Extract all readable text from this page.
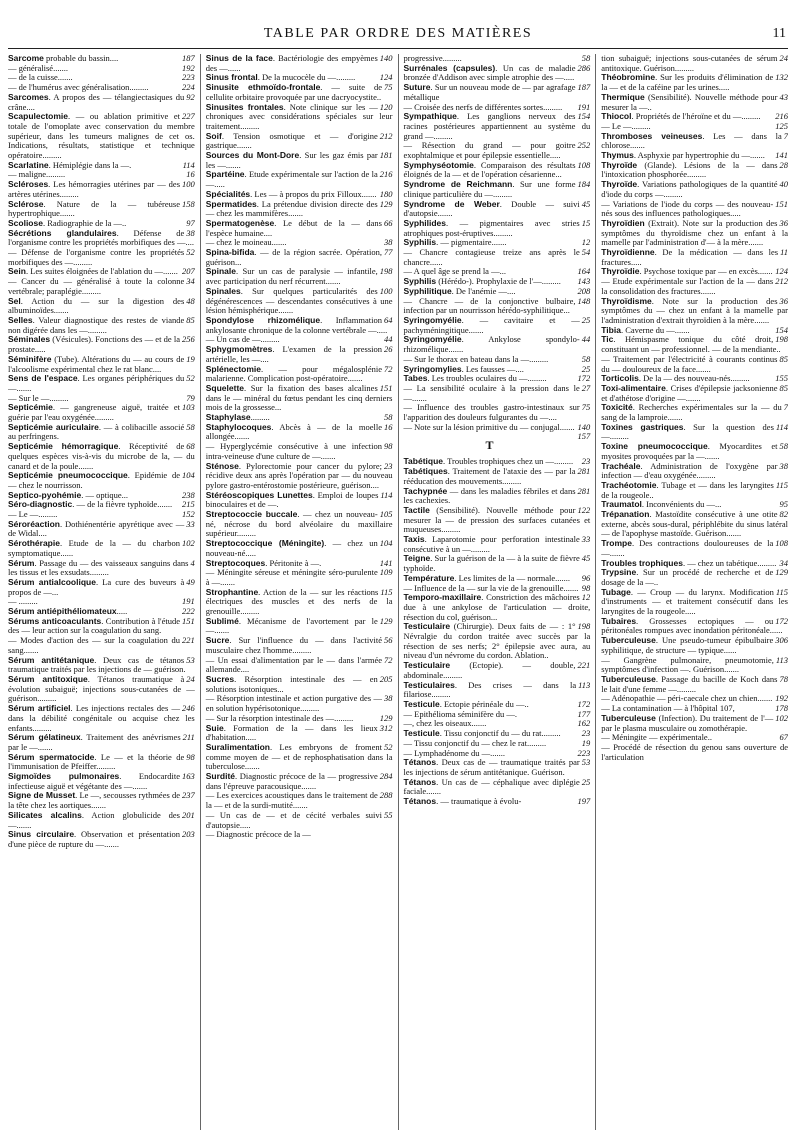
TABLE PAR ORDRE DES MATIÈRES	11

187
Sarcome probable du bassin....

192
— généralisé.......

223
— de la cuisse.......

224
— de l'humérus avec généralisation.........

92
Sarcomes. A propos des — télangiectasiques du crâne....

227
Scapulectomie. — ou ablation primitive et totale de l'omoplate avec conservation du membre supérieur, dans les tumeurs malignes de cet os. Indications, résultats, statistique et technique opératoire.........

114
Scarlatine. Hémiplégie dans la —.

16
— maligne.........

100
Scléroses. Les hémorragies utérines par — des artères utérines.........

158
Sclérose. Nature de la — tubéreuse hypertrophique.......

97
Scoliose. Radiographie de la —..

38
Sécrétions glandulaires. Défense de l'organisme contre les propriétés morbifiques des —....

52
— Défense de l'organisme contre les propriétés morbifiques des —.........

207
Sein. Les suites éloignées de l'ablation du —.......

34
— Cancer du — généralisé à toute la colonne vertébrale; paraplégie.........

48
Sel. Action du — sur la digestion des albuminoïdes.......

85
Selles. Valeur diagnostique des restes de viande non digérée dans les —.........

256
Séminales (Vésicules). Fonctions des — et de la prostate.....

19
Séminifère (Tube). Altérations du — au cours de l'alcoolisme expérimental chez le rat blanc....

52
Sens de l'espace. Les organes périphériques du —.......

79
— Sur le —.........

103
Septicémie. — gangreneuse aiguë, traitée et guérie par l'eau oxygénée.........

58
Septicémie auriculaire. — à colibacille associé au perfringens.

68
Septicémie hémorragique. Réceptivité de quelques espèces vis-à-vis du microbe de la, — du canard et de la poule.......

104
Septicémie pneumococcique. Epidémie de — chez le nourrisson.

238
Septico-pyohémie. — optique...

215
Séro-diagnostic. — de la fièvre typhoïde.......

152
— Le —.........

33
Séroréaction. Dothiénentérie apyrétique avec — de Widal....

102
Sérothérapie. Etude de la — du charbon symptomatique......

4
Sérum. Passage du — des vaisseaux sanguins dans les tissus et les exsudats.........

49
Sérum antialcoolique. La cure des buveurs à propos de —...

191
— .........

222
Sérum antiépithéliomateux.....

151
Sérums anticoaculants. Contribution à l'étude des — leur action sur la coagulation du sang.

221
— Modes d'action des — sur la coagulation du sang.......

53
Sérum antitétanique. Deux cas de tétanos traumatique traités par les injections de — guérison.

24
Sérum antitoxique. Tétanos traumatique à évolution subaiguë; injections sous-cutanées de — guérison.........

246
Sérum artificiel. Les injections rectales des — dans la débilité congénitale ou acquise chez les enfants.........

211
Sérum gélatineux. Traitement des anévrismes par le —.......

98
Sérum spermatocide. Le — et la théorie de l'immunisation de Pfeiffer.........

163
Sigmoïdes pulmonaires. Endocardite infectieuse aiguë et végétante des —.......

237
Signe de Musset. Le —, secousses rythmées de la tête chez les aortiques.......

201
Silicates alcalins. Action globulicide des —.......

203
Sinus circulaire. Observation et présentation d'une pièce de rupture du —.......

140
Sinus de la face. Bactériologie des empyèmes des —......

124
Sinus frontal. De la mucocèle du —.........

75
Sinusite ethmoïdo-frontale. — suite de cellulite orbitaire provoquée par une dacryocystite..

120
Sinusites frontales. Note clinique sur les — chroniques avec considérations spéciales sur leur traitement.........

212
Soif. Tension osmotique et — d'origine gastrique.......

181
Sources du Mont-Dore. Sur les gaz émis par les —.......

216
Spartéine. Etude expérimentale sur l'action de la —.....

180
Spécialités. Les — à propos du prix Filloux.......

129
Spermatides. La prétendue division directe des — chez les mammifères.......

66
Spermatogenèse. Le début de la — dans l'espèce humaine....

38
— chez le moineau.......

77
Spina-bifida. — de la région sacrée. Opération, guérison...

198
Spinale. Sur un cas de paralysie — infantile, avec participation du nerf récurrent.......

100
Spinales. Sur quelques particularités des dégénérescences — descendantes consécutives à une lésion hémisphérique.......

64
Spondylose rhizomélique. Inflammation ankylosante chronique de la colonne vertébrale —.....

44
— Un cas de —.........

26
Sphygmomètres. L'examen de la pression artérielle, les —....

72
Splénectomie. — pour mégalosplénie malarienne. Complication post-opératoire.......

151
Squelette. Sur la fixation des bases alcalines dans le — minéral du fœtus pendant les cinq derniers mois de la grossesse...

58
Staphylase.........

16
Staphylocoques. Abcès à — de la moelle allongée.......

98
— Hyperglycémie consécutive à une infection intra-veineuse d'une culture de —.......

23
Sténose. Pylorectomie pour cancer du pylore; récidive deux ans après l'opération par — du nouveau pylore gastro-entérostomie postérieure, guérison....

114
Stéréoscopiques Lunettes. Emploi de loupes binoculaires et de —.

105
Streptococcie buccale. — chez un nouveau-né, nécrose du bord alvéolaire du maxillaire supérieur.........

104
Streptococcique (Méningite). — chez un nouveau-né.....

141
Streptocoques. Péritonite à —.

109
— Méningite séreuse et méningite séro-purulente à —.......

115
Strophantine. Action de la — sur les réactions électriques des muscles et des nerfs de la grenouille.........

129
Sublimé. Mécanisme de l'avortement par le —.......

56
Sucre. Sur l'influence du — dans l'activité musculaire chez l'homme.........

72
— Un essai d'alimentation par le — dans l'armée allemande....

205
Sucres. Résorption intestinale des — en solutions isotoniques...

38
— Résorption intestinale et action purgative des — en solution hypérisotonique.........

129
— Sur la résorption intestinale des —.........

312
Suie. Formation de la — dans les lieux d'habitation.....

52
Suralimentation. Les embryons de froment comme moyen de — et de rephosphatisation dans la tuberculose.......

284
Surdité. Diagnostic précoce de la — progressive dans l'épreuve paracousique.......

288
— Les exercices acoustiques dans le traitement de la — et de la surdi-mutité.......

55
— Un cas de — et de cécité verbales suivi d'autopsie.....

— Diagnostic précoce de la —

58
progressive.........

286
Surrénales (capsules). Un cas de maladie bronzée d'Addison avec simple atrophie des —.....

187
Suture. Sur un nouveau mode de — par agrafage métallique

191
— Croisée des nerfs de différentes sortes.........

154
Sympathique. Les ganglions nerveux des racines postérieures appartiennent au système du grand —.........

252
— Résection du grand — pour goitre exophtalmique et pour épilepsie essentielle.....

108
Symphyséotomie. Comparaison des résultats éloignés de la — et de l'opération césarienne...

184
Syndrome de Reichmann. Sur une forme clinique particulière du —.........

45
Syndrome de Weber. Double — suivi d'autopsie.......

15
Syphilides. — pigmentaires avec stries atrophiques post-éruptives.........

12
Syphilis. — pigmentaire.......

54
— Chancre contagieuse treize ans après le chancre......

164
— A quel âge se prend la —...

143
Syphilis (Hérédo-). Prophylaxie de l'—.........

208
Syphilitique. De l'anémie —....

148
— Chancre — de la conjonctive bulbaire, infection par un nourrisson hérédo-syphilitique...

25
Syringomyélie. — cavitaire et — pachyméningitique.......

44
Syringomyélie. Ankylose spondylo-rhizomélique.......

58
— Sur le thorax en bateau dans la —.........

25
Syringomylies. Les fausses —....

172
Tabes. Les troubles oculaires du —.........

27
— La sensibilité oculaire à la pression dans le —.......

75
— Influence des troubles gastro-intestinaux sur l'apparition des douleurs fulgurantes du —....

140
— Note sur la lésion primitive du — conjugal.......

157

T

23
Tabétique. Troubles trophiques chez un —.........

281
Tabétiques. Traitement de l'ataxie des — par la rééducation des mouvements.........

281
Tachypnée — dans les maladies fébriles et dans les cachexies.

122
Tactile (Sensibilité). Nouvelle méthode pour mesurer la — de pression des surfaces cutanées et muqueuses.........

33
Taxis. Laparotomie pour perforation intestinale consécutive à un —.........

45
Teigne. Sur la guérison de la — à la suite de fièvre typhoïde.

96
Température. Les limites de la — normale.......

98
— Influence de la — sur la vie de la grenouille.......

12
Temporo-maxillaire. Constriction des mâchoires due à une ankylose de l'articulation — droite, résection du col, guérison...

198
Testiculaire (Chirurgie). Deux faits de — : 1° Névralgie du cordon traitée avec succès par la résection de ses nerfs; 2° épilepsie avec aura, au niveau d'un névrome du cordon. Ablation..

221
Testiculaire (Ectopie). — double, abdominale.........

113
Testiculaires. Des crises — dans la filariose.........

172
Testicule. Ectopie périnéale du —..

177
— Epithélioma séminifère du —.

162
—, chez les oiseaux.......

23
Testicule. Tissu conjonctif du — du rat.........

19
— Tissu conjonctif du — chez le rat.........

223
— Lymphadénome du —.......

53
Tétanos. Deux cas de — traumatique traités par les injections de sérum antitétanique. Guérison.

25
Tétanos. Un cas de — céphalique avec diplégie faciale.......

197
Tétanos. — traumatique à évolu-

24
tion subaiguë; injections sous-cutanées de sérum antitoxique. Guérison.........

132
Théobromine. Sur les produits d'élimination de la — et de la caféine par les urines.....

43
Thermique (Sensibilité). Nouvelle méthode pour mesurer la —..

216
Thiocol. Propriétés de l'héroïne et du —.........

125
— Le —.........

7
Thromboses veineuses. Les — dans la chlorose.......

141
Thymus. Asphyxie par hypertrophie du —.......

28
Thyroïde (Glande). Lésions de la — dans l'intoxication phosphorée.........

40
Thyroïde. Variations pathologiques de la quantité d'iode du corps —.........

151
— Variations de l'iode du corps — des nouveau-nés sous des influences pathologiques.....

36
Thyroïdien (Extrait). Note sur la production des symptômes du thyroïdisme chez un enfant à la mamelle par l'administration d'— à la mère.......

11
Thyroïdienne. De la médication — dans les fractures.....

124
Thyroïdie. Psychose toxique par — en excès.......

212
— Etude expérimentale sur l'action de la — dans la consolidation des fractures.......

36
Thyroïdisme. Note sur la production des symptômes du — chez un enfant à la mamelle par l'administration d'extrait thyroïdien à la mère.......

154
Tibia. Caverne du —.......

198
Tic. Hémispasme tonique du côté droit, constituant un — professionnel. — de la mendiante..

85
— Traitement par l'électricité à courants continus du — douloureux de la face.......

155
Torticolis. De la — des nouveau-nés.........

85
Toxi-alimentaire. Crises d'épilepsie jacksonienne et d'athétose d'origine —.......

7
Toxicité. Recherches expérimentales sur la — du sang de la lamproie.......

114
Toxines gastriques. Sur la question des —.........

58
Toxine pneumococcique. Myocardites et myosites provoquées par la —.......

38
Trachéale. Administration de l'oxygène par infection — d'eau oxygénée.........

115
Trachéotomie. Tubage et — dans les laryngites de la rougeole..

95
Traumatol. Inconvénients du —...

82
Trépanation. Mastoïdite consécutive à une otite externe, abcès sous-dural, périphlébite du sinus latéral — de l'apophyse mastoïde. Guérison.......

108
Trompe. Des contractions douloureuses de la —.......

34
Troubles trophiques. — chez un tabétique.........

129
Trypsine. Sur un procédé de recherche et de dosage de la —..

115
Tubage. — Croup — du larynx. Modification d'instruments — et traitement consécutif dans les laryngites de la rougeole.....

172
Tubaires. Grossesses ectopiques — ou péritonéales rompues avec inondation péritonéale......

306
Tuberculeuse. Une pseudo-tumeur épibulbaire syphilitique, de structure — typique......

113
— Gangrène pulmonaire, pneumotomie, symptômes d'infection —. Guérison.......

78
Tuberculeuse. Passage du bacille de Koch dans le lait d'une femme —.........

192
— Adénopathie — péri-caecale chez un chien.......

178
— La contamination — à l'hôpital 107,

102
Tuberculeuse (Infection). Du traitement de l'— par le plasma musculaire ou zomothérapie.

67
— Méningite — expérimentale..

— Procédé de résection du genou sans ouverture de l'articulation
